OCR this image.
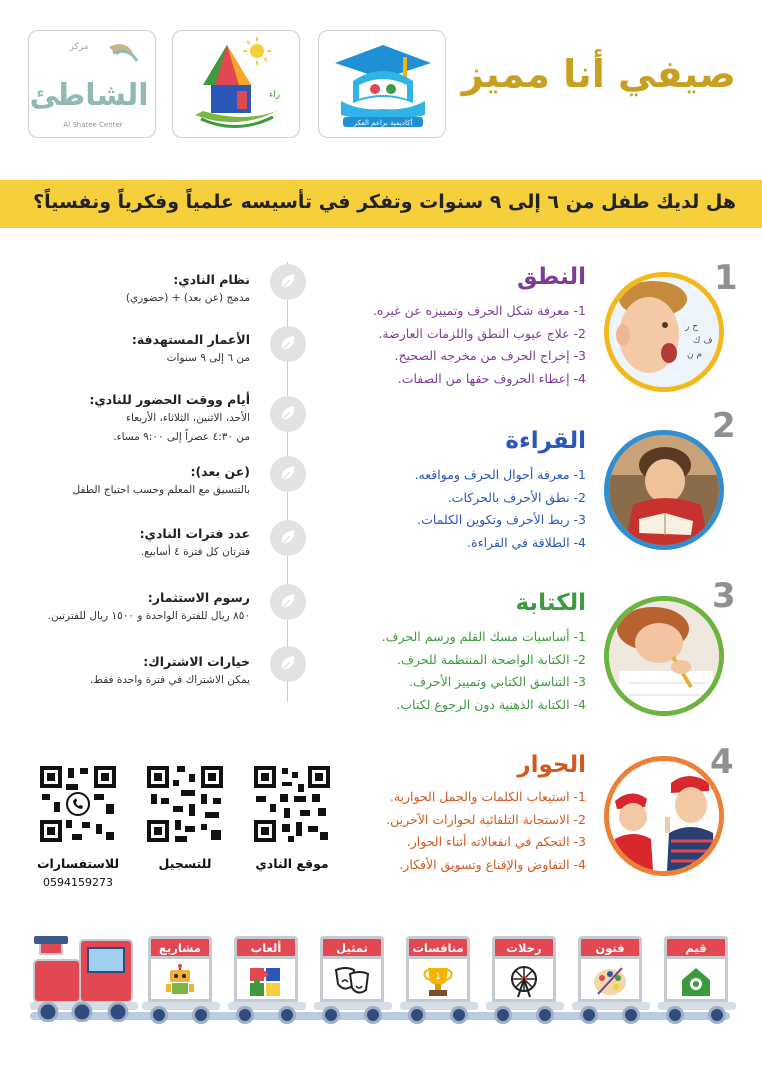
صيفي أنا مميز
أكاديمية براعم الفكر
راء
مركز
الشاطئ
Al Shatee Center
هل لديك طفل من ٦ إلى ٩ سنوات وتفكر في تأسيسه علمياً وفكرياً ونفسياً؟
1
ح ر
ف ك
م ن
النطق
1- معرفة شكل الحرف وتمييزه عن غيره.
2- علاج عيوب النطق واللزمات العارضة.
3- إخراج الحرف من مخرجه الصحيح.
4- إعطاء الحروف حقها من الصفات.
2
القراءة
1- معرفة أحوال الحرف ومواقعه.
2- نطق الأحرف بالحركات.
3- ربط الأحرف وتكوين الكلمات.
4- الطلاقة في القراءة.
3
الكتابة
1- أساسيات مسك القلم ورسم الحرف.
2- الكتابة الواضحة المنتظمة للحرف.
3- التناسق الكتابي وتمييز الأحرف.
4- الكتابة الذهنية دون الرجوع لكتاب.
4
الحوار
1- استيعاب الكلمات والجمل الحوارية.
2- الاستجابة التلقائية لحوارات الآخرين.
3- التحكم في انفعالاته أثناء الحوار.
4- التفاوض والإقناع وتسويق الأفكار.
نظام النادي:
مدمج (عن بعد) + (حضوري)
الأعمار المستهدفة:
من ٦ إلى ٩ سنوات
أيام ووقت الحضور للنادي:
الأحد، الاثنين، الثلاثاء، الأربعاء
من ٤:٣٠ عصراً إلى ٩:٠٠ مساء.
(عن بعد):
بالتنسيق مع المعلم وحسب احتياج الطفل
عدد فترات النادي:
فترتان كل فترة ٤ أسابيع.
رسوم الاستثمار:
٨٥٠ ريال للفترة الواحدة و ١٥٠٠ ريال للفترتين.
خيارات الاشتراك:
يمكن الاشتراك في فترة واحدة فقط.
موقع النادي
للتسجيل
للاستفسارات
0594159273
قيم
فنون
رحلات
منافسات
1
تمثيل
ألعاب
مشاريع
